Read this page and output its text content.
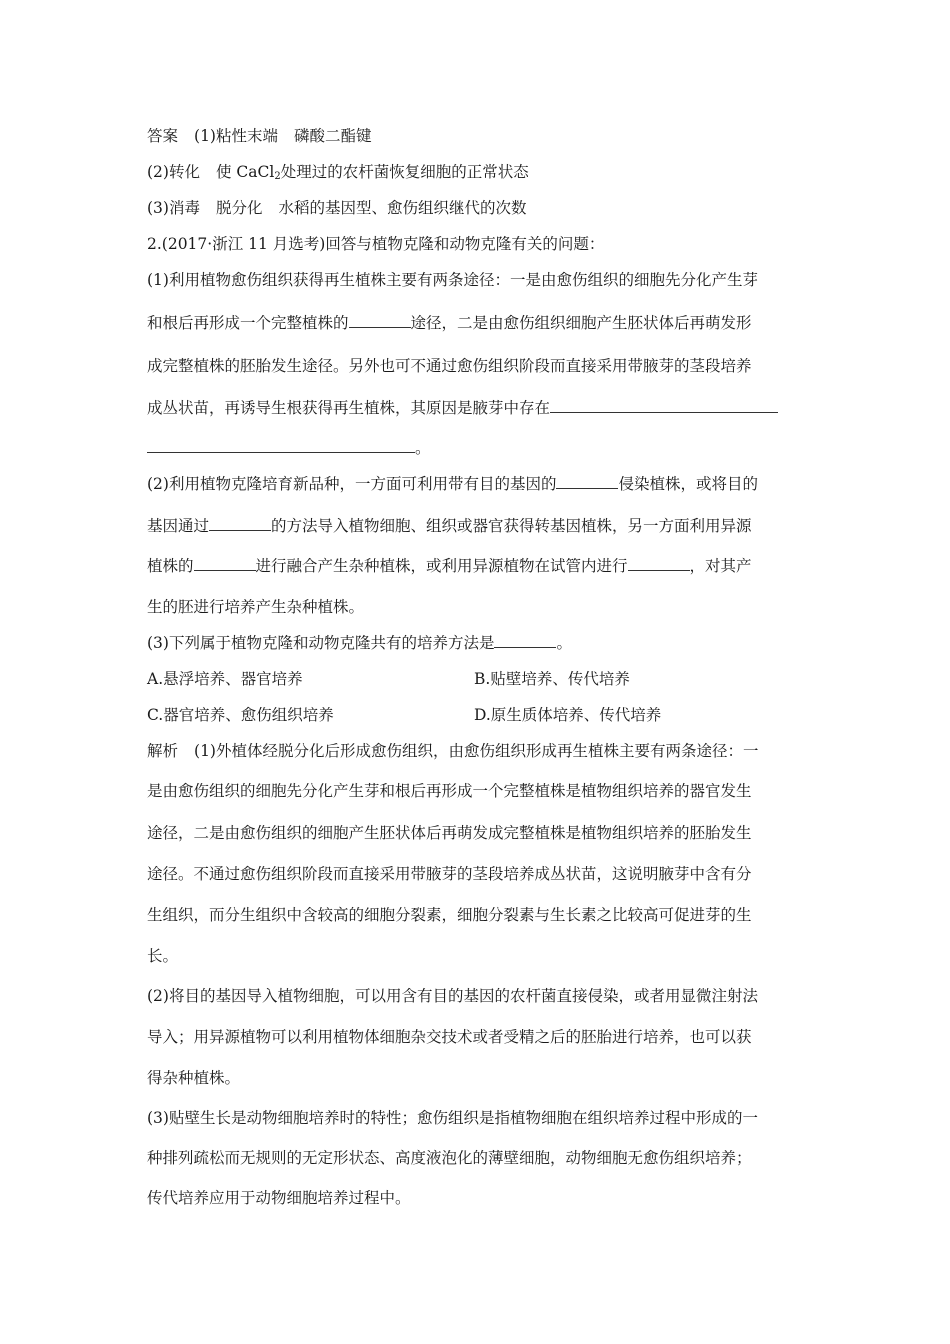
答案 (1)粘性末端 磷酸二酯键
(2)转化 使 CaCl$_2$处理过的农杆菌恢复细胞的正常状态
(3)消毒 脱分化 水稻的基因型、愈伤组织继代的次数
2.(2017·浙江 11 月选考)回答与植物克隆和动物克隆有关的问题：
(1)利用植物愈伤组织获得再生植株主要有两条途径：一是由愈伤组织的细胞先分化产生芽
和根后再形成一个完整植株的	途径，二是由愈伤组织细胞产生胚状体后再萌发形
成完整植株的胚胎发生途径。另外也可不通过愈伤组织阶段而直接采用带腋芽的茎段培养
成丛状苗，再诱导生根获得再生植株，其原因是腋芽中存在
。
(2)利用植物克隆培育新品种，一方面可利用带有目的基因的	侵染植株，或将目的
基因通过	的方法导入植物细胞、组织或器官获得转基因植株，另一方面利用异源
植株的	进行融合产生杂种植株，或利用异源植物在试管内进行	，对其产
生的胚进行培养产生杂种植株。
(3)下列属于植物克隆和动物克隆共有的培养方法是	。
A.悬浮培养、器官培养	B.贴壁培养、传代培养
C.器官培养、愈伤组织培养	D.原生质体培养、传代培养
解析 (1)外植体经脱分化后形成愈伤组织，由愈伤组织形成再生植株主要有两条途径：一
是由愈伤组织的细胞先分化产生芽和根后再形成一个完整植株是植物组织培养的器官发生
途径，二是由愈伤组织的细胞产生胚状体后再萌发成完整植株是植物组织培养的胚胎发生
途径。不通过愈伤组织阶段而直接采用带腋芽的茎段培养成丛状苗，这说明腋芽中含有分
生组织，而分生组织中含较高的细胞分裂素，细胞分裂素与生长素之比较高可促进芽的生
长。
(2)将目的基因导入植物细胞，可以用含有目的基因的农杆菌直接侵染，或者用显微注射法
导入；用异源植物可以利用植物体细胞杂交技术或者受精之后的胚胎进行培养，也可以获
得杂种植株。
(3)贴壁生长是动物细胞培养时的特性；愈伤组织是指植物细胞在组织培养过程中形成的一
种排列疏松而无规则的无定形状态、高度液泡化的薄壁细胞，动物细胞无愈伤组织培养；
传代培养应用于动物细胞培养过程中。
